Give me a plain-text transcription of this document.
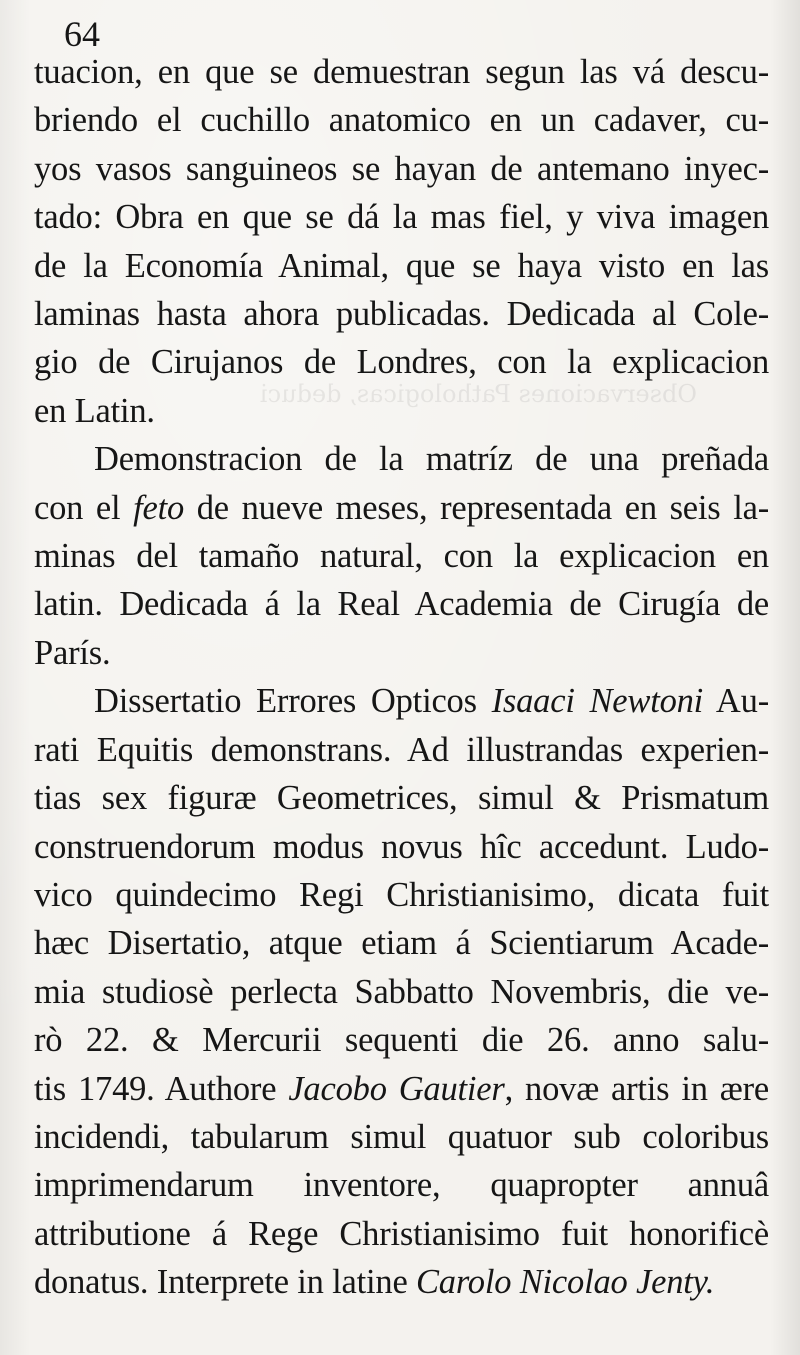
Observaciones Pathologicas, deduci
64
tuacion, en que se demuestran segun las vá descu-
briendo el cuchillo anatomico en un cadaver, cu-
yos vasos sanguineos se hayan de antemano inyec-
tado: Obra en que se dá la mas fiel, y viva imagen
de la Economía Animal, que se haya visto en las
laminas hasta ahora publicadas. Dedicada al Cole-
gio de Cirujanos de Londres, con la explicacion
en Latin.
Demonstracion de la matríz de una preñada
con el feto de nueve meses, representada en seis la-
minas del tamaño natural, con la explicacion en
latin. Dedicada á la Real Academia de Cirugía de
París.
Dissertatio Errores Opticos Isaaci Newtoni Au-
rati Equitis demonstrans. Ad illustrandas experien-
tias sex figuræ Geometrices, simul & Prismatum
construendorum modus novus hîc accedunt. Ludo-
vico quindecimo Regi Christianisimo, dicata fuit
hæc Disertatio, atque etiam á Scientiarum Acade-
mia studiosè perlecta Sabbatto Novembris, die ve-
rò 22. & Mercurii sequenti die 26. anno salu-
tis 1749. Authore Jacobo Gautier, novæ artis in ære
incidendi, tabularum simul quatuor sub coloribus
imprimendarum inventore, quapropter annuâ
attributione á Rege Christianisimo fuit honorificè
donatus. Interprete in latine Carolo Nicolao Jenty.
